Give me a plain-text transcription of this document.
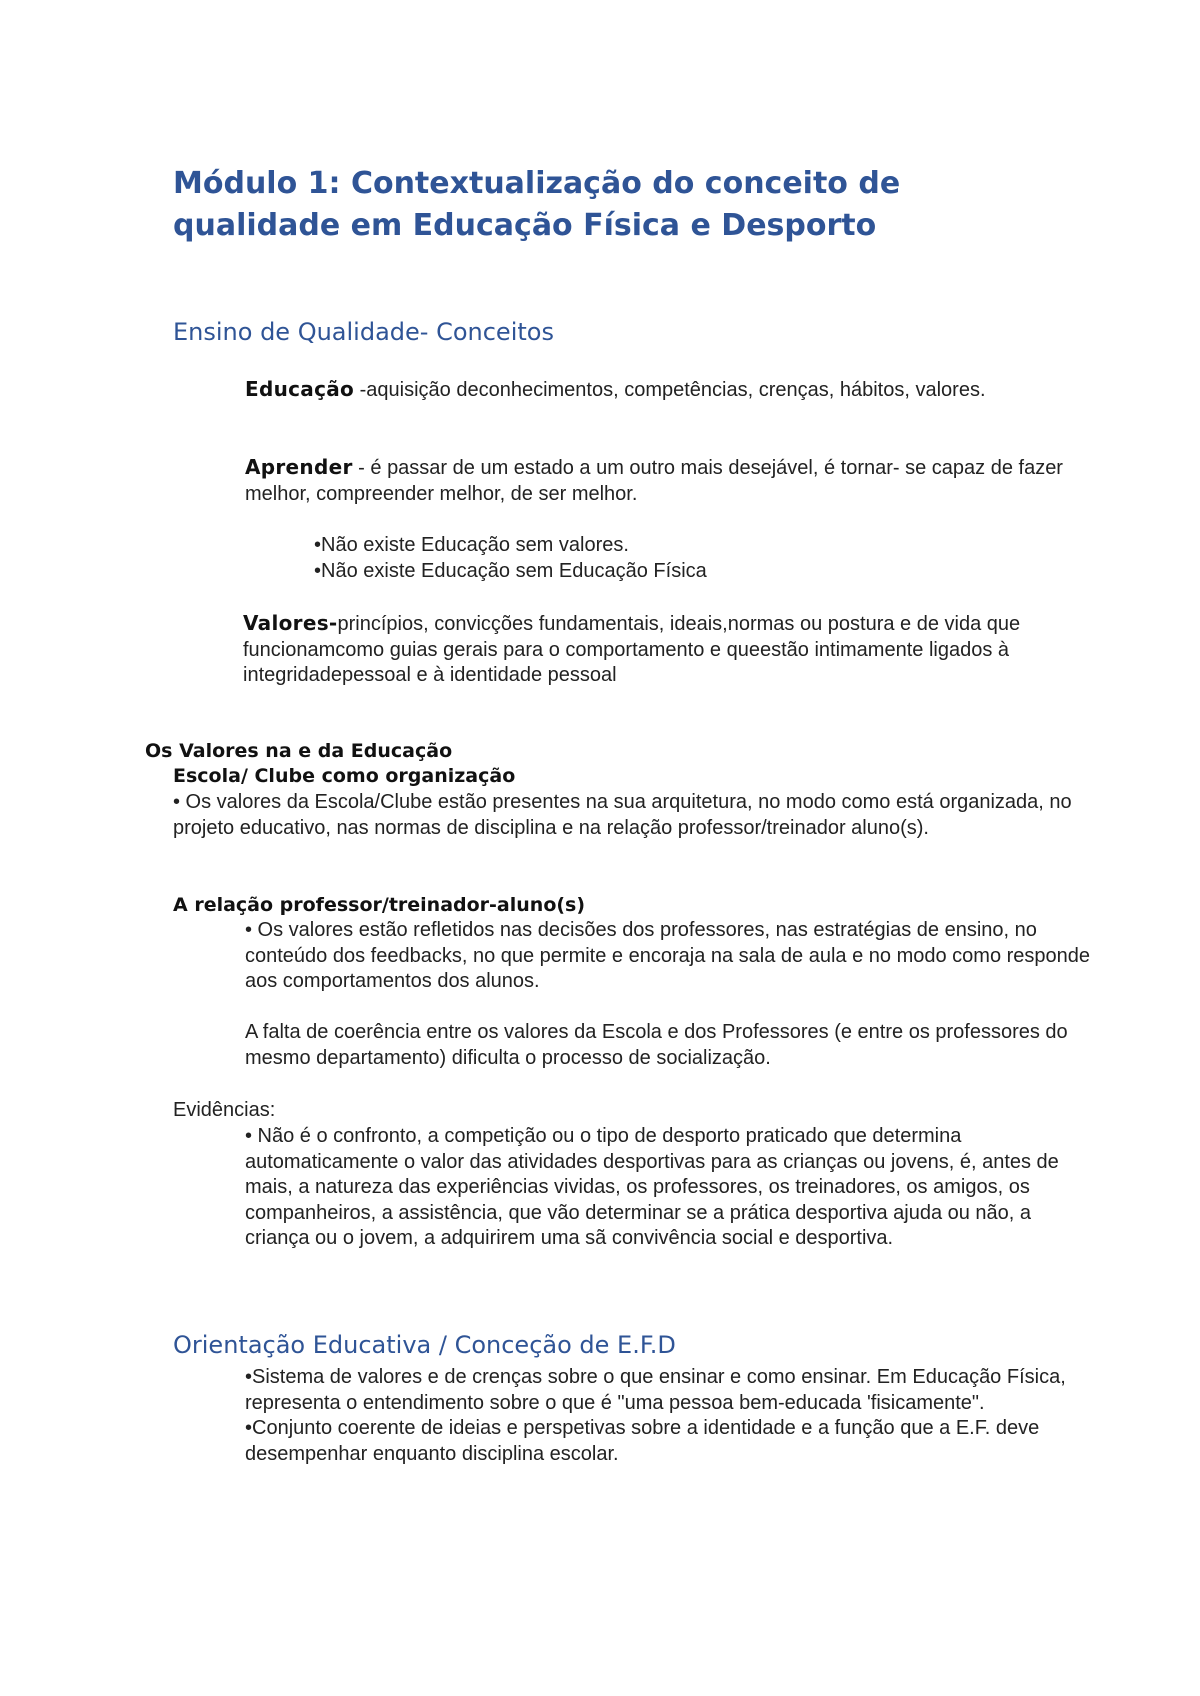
Módulo 1: Contextualização do conceito de qualidade em Educação Física e Desporto
Ensino de Qualidade- Conceitos
Educação -aquisição deconhecimentos, competências, crenças, hábitos, valores.
Aprender - é passar de um estado a um outro mais desejável, é tornar- se capaz de fazer melhor, compreender melhor, de ser melhor.
•Não existe Educação sem valores.
•Não existe Educação sem Educação Física
Valores-princípios, convicções fundamentais, ideais,normas ou postura e de vida que funcionamcomo guias gerais para o comportamento e queestão intimamente ligados à integridadepessoal e à identidade pessoal
Os Valores na e da Educação
Escola/ Clube como organização
• Os valores da Escola/Clube estão presentes na sua arquitetura, no modo como está organizada, no projeto educativo, nas normas de disciplina e na relação professor/treinador aluno(s).
A relação professor/treinador-aluno(s)
• Os valores estão refletidos nas decisões dos professores, nas estratégias de ensino, no conteúdo dos feedbacks, no que permite e encoraja na sala de aula e no modo como responde aos comportamentos dos alunos.
A falta de coerência entre os valores da Escola e dos Professores (e entre os professores do mesmo departamento) dificulta o processo de socialização.
Evidências:
• Não é o confronto, a competição ou o tipo de desporto praticado que determina automaticamente o valor das atividades desportivas para as crianças ou jovens, é, antes de mais, a natureza das experiências vividas, os professores, os treinadores, os amigos, os companheiros, a assistência, que vão determinar se a prática desportiva ajuda ou não, a criança ou o jovem, a adquirirem uma sã convivência social e desportiva.
Orientação Educativa / Conceção de E.F.D
•Sistema de valores e de crenças sobre o que ensinar e como ensinar. Em Educação Física, representa o entendimento sobre o que é "uma pessoa bem-educada 'fisicamente".
•Conjunto coerente de ideias e perspetivas sobre a identidade e a função que a E.F. deve desempenhar enquanto disciplina escolar.
